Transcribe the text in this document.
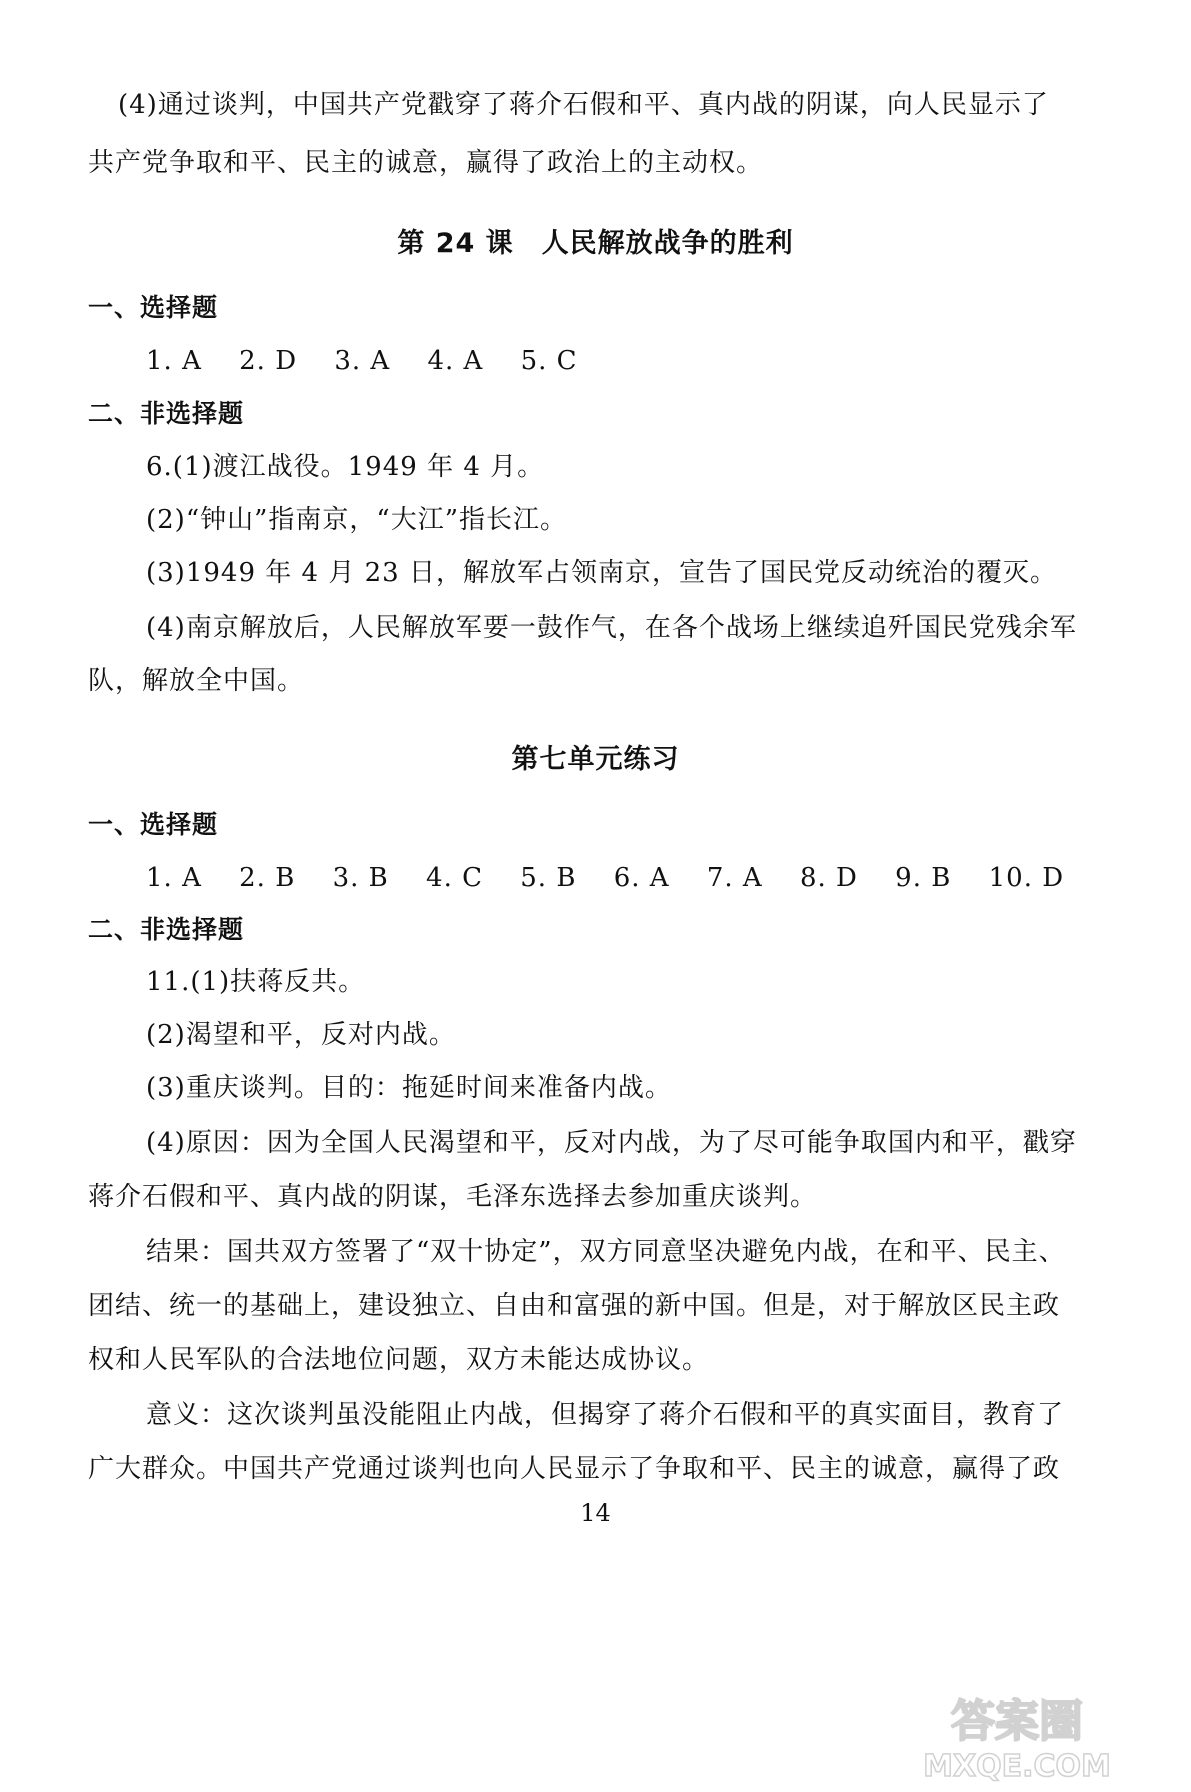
(4)通过谈判，中国共产党戳穿了蒋介石假和平、真内战的阴谋，向人民显示了
共产党争取和平、民主的诚意，赢得了政治上的主动权。
第 24 课　人民解放战争的胜利
一、选择题
1. A 2. D 3. A 4. A 5. C
二、非选择题
6.(1)渡江战役。1949 年 4 月。
(2)“钟山”指南京，“大江”指长江。
(3)1949 年 4 月 23 日，解放军占领南京，宣告了国民党反动统治的覆灭。
(4)南京解放后，人民解放军要一鼓作气，在各个战场上继续追歼国民党残余军
队，解放全中国。
第七单元练习
一、选择题
1. A 2. B 3. B 4. C 5. B 6. A 7. A 8. D 9. B 10. D
二、非选择题
11.(1)扶蒋反共。
(2)渴望和平，反对内战。
(3)重庆谈判。目的：拖延时间来准备内战。
(4)原因：因为全国人民渴望和平，反对内战，为了尽可能争取国内和平，戳穿
蒋介石假和平、真内战的阴谋，毛泽东选择去参加重庆谈判。
结果：国共双方签署了“双十协定”，双方同意坚决避免内战，在和平、民主、
团结、统一的基础上，建设独立、自由和富强的新中国。但是，对于解放区民主政
权和人民军队的合法地位问题，双方未能达成协议。
意义：这次谈判虽没能阻止内战，但揭穿了蒋介石假和平的真实面目，教育了
广大群众。中国共产党通过谈判也向人民显示了争取和平、民主的诚意，赢得了政
14
答案圈
MXQE.COM
